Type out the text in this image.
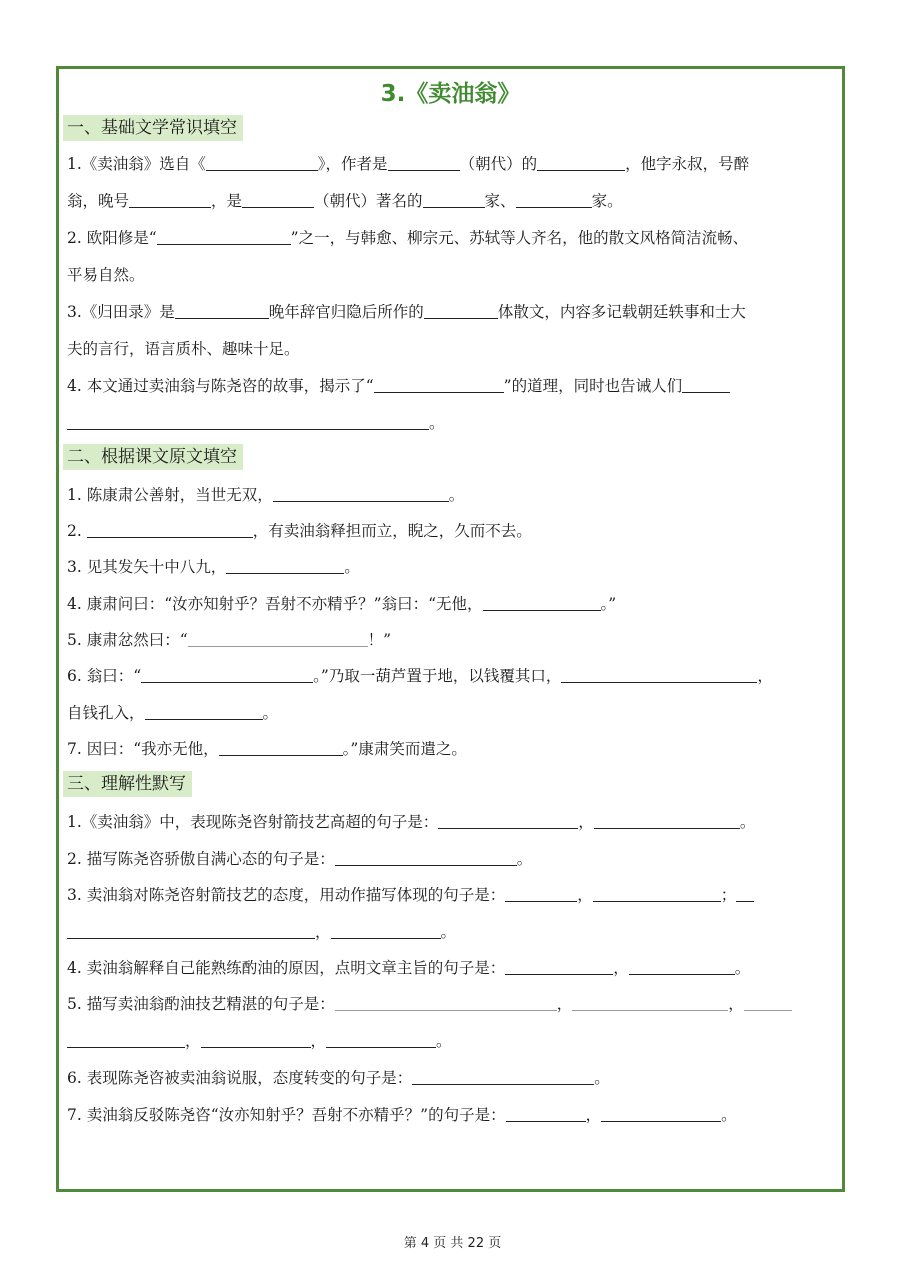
3.《卖油翁》
一、基础文学常识填空
1.《卖油翁》选自《	》，作者是	（朝代）的	，他字永叔，号醉
翁，晚号	，是	（朝代）著名的	家、	家。
2. 欧阳修是“	”之一，与韩愈、柳宗元、苏轼等人齐名，他的散文风格简洁流畅、
平易自然。
3.《归田录》是	晚年辞官归隐后所作的	体散文，内容多记载朝廷轶事和士大
夫的言行，语言质朴、趣味十足。
4. 本文通过卖油翁与陈尧咨的故事，揭示了“	”的道理，同时也告诫人们
。
二、根据课文原文填空
1. 陈康肃公善射，当世无双，	。
2.	，有卖油翁释担而立，睨之，久而不去。
3. 见其发矢十中八九，	。
4. 康肃问曰：“汝亦知射乎？吾射不亦精乎？”翁曰：“无他，	。”
5. 康肃忿然曰：“	！”
6. 翁曰：“	。”乃取一葫芦置于地，以钱覆其口，	，
自钱孔入，	。
7. 因曰：“我亦无他，	。”康肃笑而遣之。
三、理解性默写
1.《卖油翁》中，表现陈尧咨射箭技艺高超的句子是：	，	。
2. 描写陈尧咨骄傲自满心态的句子是：	。
3. 卖油翁对陈尧咨射箭技艺的态度，用动作描写体现的句子是：	，	；
，	。
4. 卖油翁解释自己能熟练酌油的原因，点明文章主旨的句子是：	，	。
5. 描写卖油翁酌油技艺精湛的句子是：	，	，
，	，	。
6. 表现陈尧咨被卖油翁说服，态度转变的句子是：	。
7. 卖油翁反驳陈尧咨“汝亦知射乎？吾射不亦精乎？”的句子是：	，	。
第 4 页 共 22 页
